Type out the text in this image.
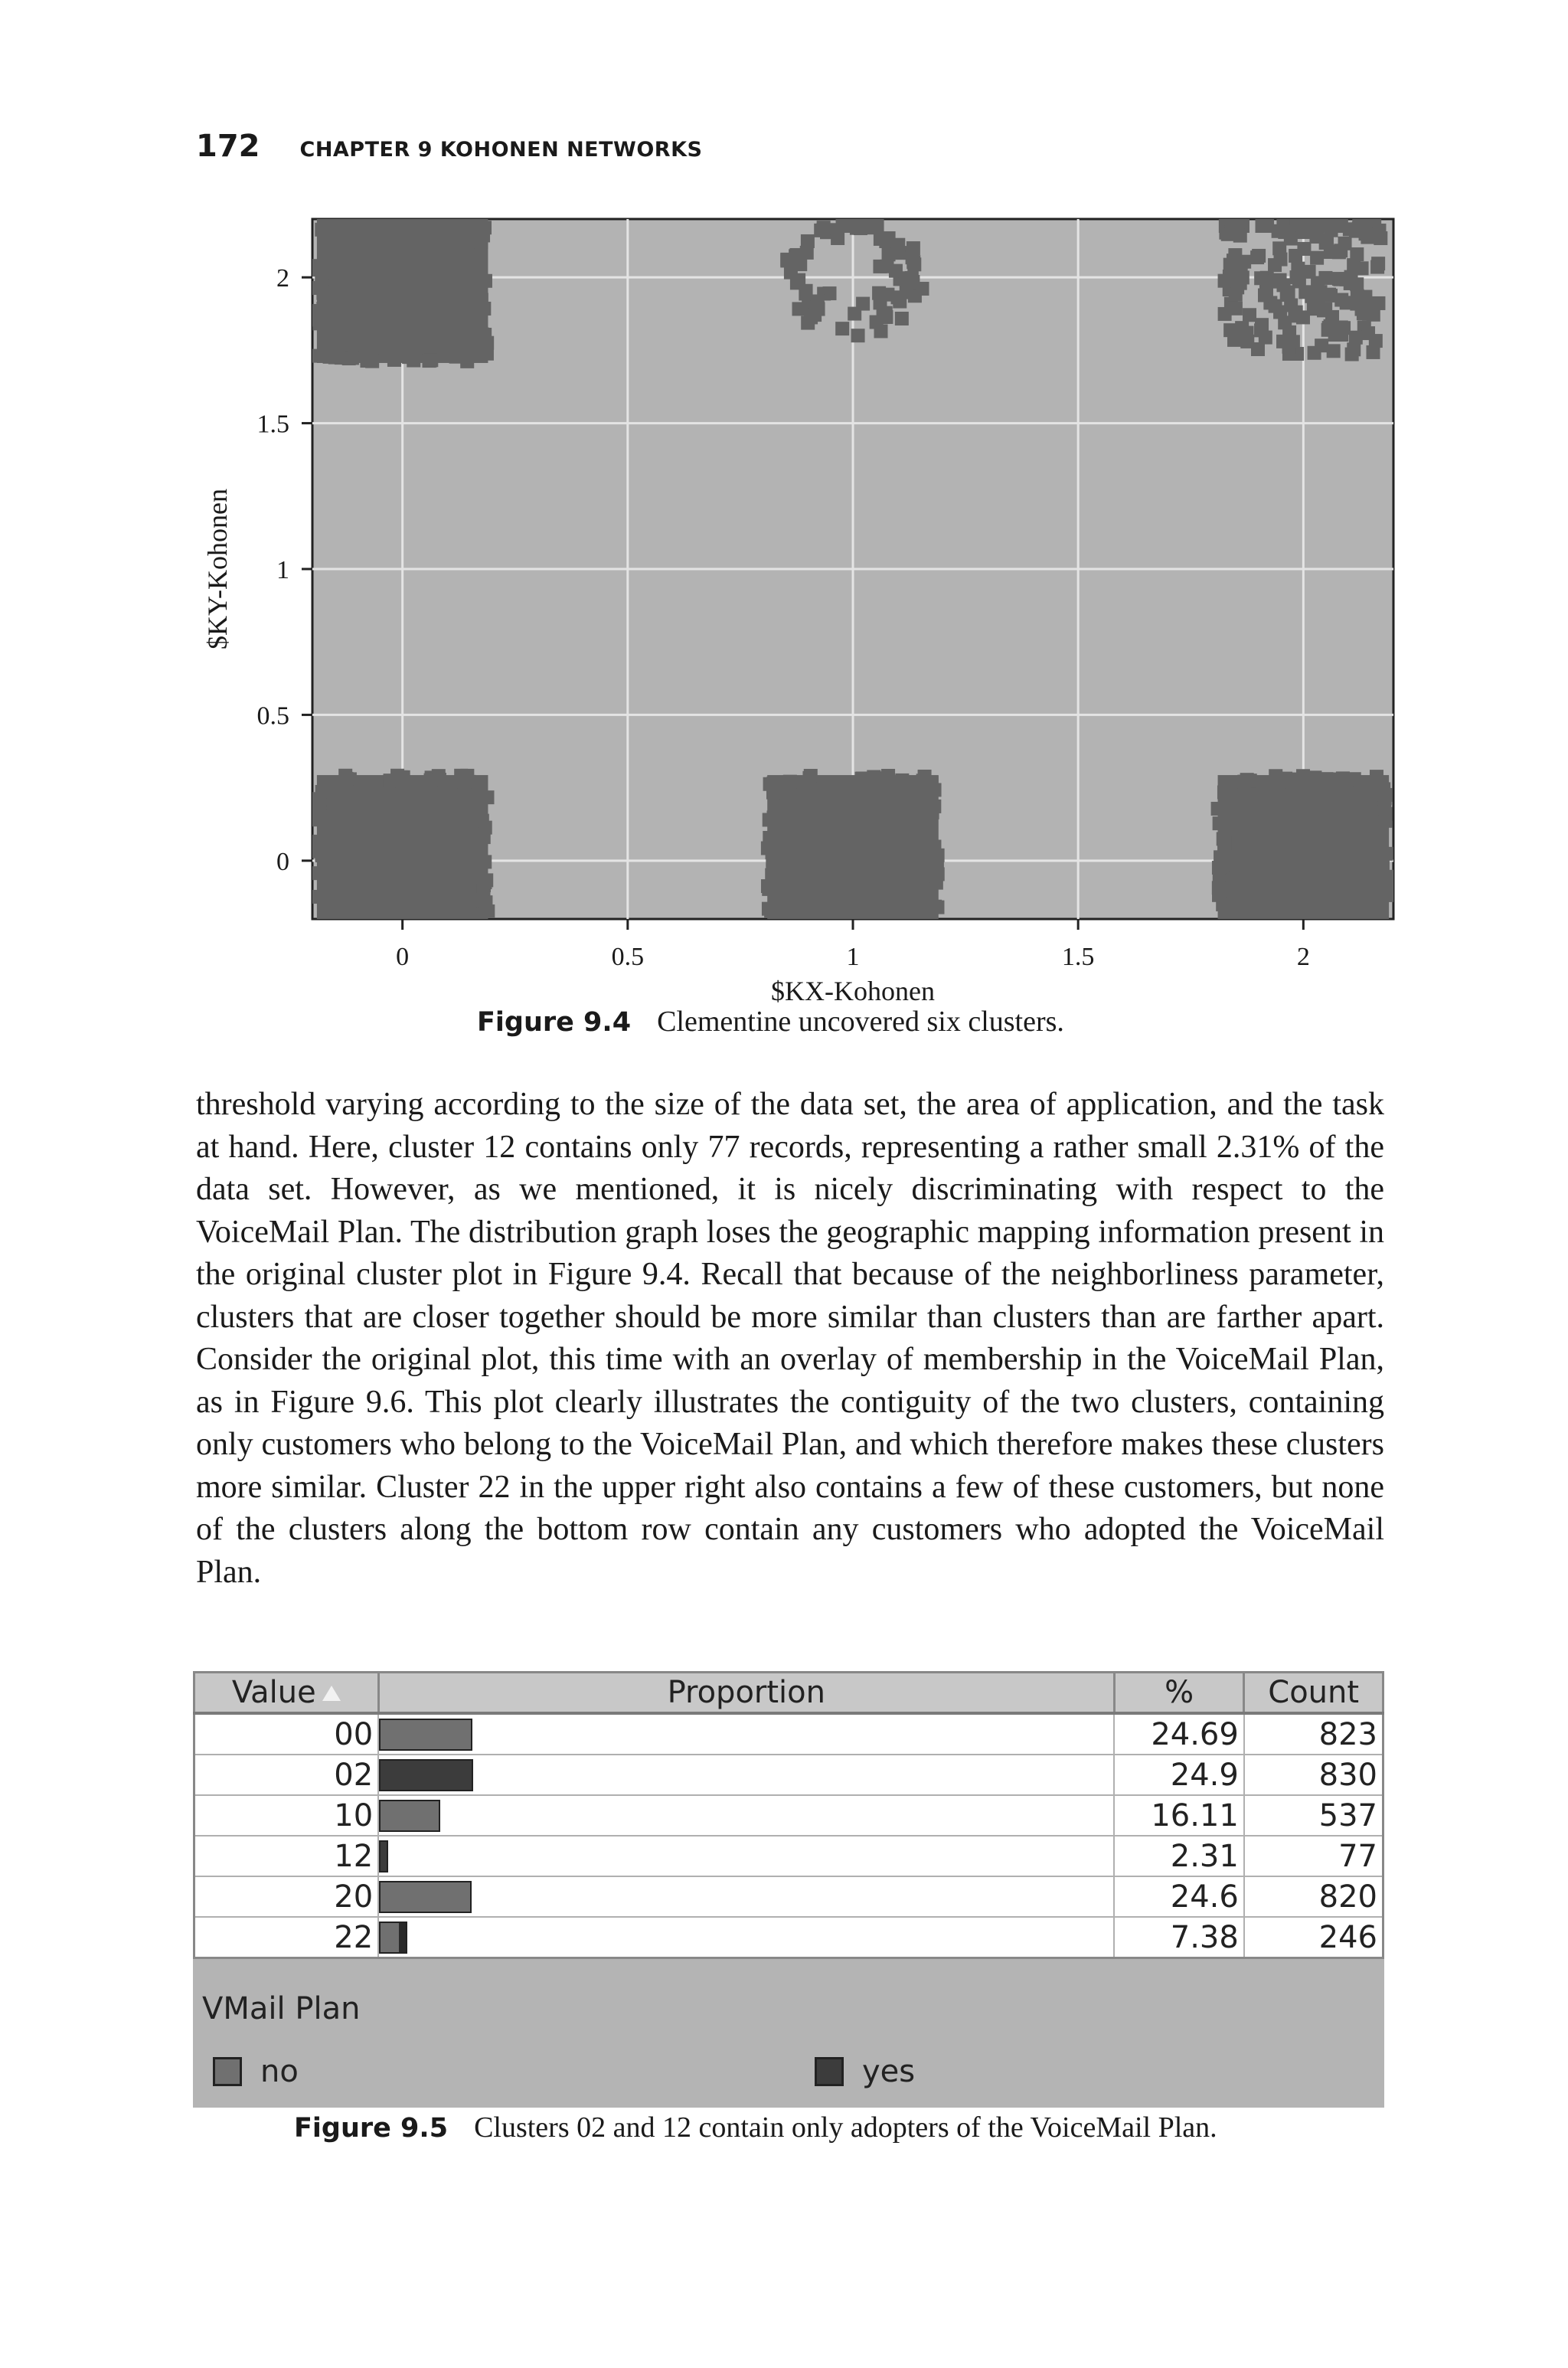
172 CHAPTER 9 KOHONEN NETWORKS
0	0.5	1	1.5	2
0
0.5
1
1.5
2
$KX-Kohonen
$KY-Kohonen
Figure 9.4 Clementine uncovered six clusters.
threshold varying according to the size of the data set, the area of application, and the task at hand. Here, cluster 12 contains only 77 records, representing a rather small 2.31% of the data set. However, as we mentioned, it is nicely discriminating with respect to the VoiceMail Plan. The distribution graph loses the geographic mapping information present in the original cluster plot in Figure 9.4. Recall that because of the neighborliness parameter, clusters that are closer together should be more similar than clusters than are farther apart. Consider the original plot, this time with an overlay of membership in the VoiceMail Plan, as in Figure 9.6. This plot clearly illustrates the contiguity of the two clusters, containing only customers who belong to the VoiceMail Plan, and which therefore makes these clusters more similar. Cluster 22 in the upper right also contains a few of these customers, but none of the clusters along the bottom row contain any customers who adopted the VoiceMail Plan.
Value	Proportion	%	Count
00		24.69	823
02		24.9	830
10		16.11	537
12		2.31	77
20		24.6	820
22		7.38	246
VMail Plan
no	yes
Figure 9.5 Clusters 02 and 12 contain only adopters of the VoiceMail Plan.
